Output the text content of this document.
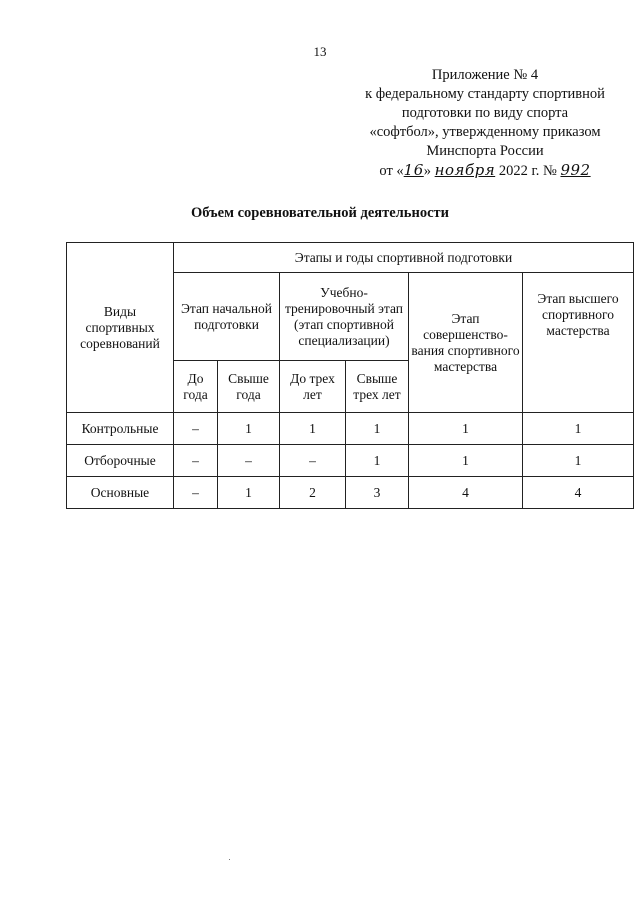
13
Приложение № 4
к федеральному стандарту спортивной
подготовки по виду спорта
«софтбол», утвержденному приказом
Минспорта России
от «16» ноября 2022 г. № 992
Объем соревновательной деятельности
Виды спортивных соревнований	Этапы и годы спортивной подготовки					
	Этап начальной подготовки		Учебно-тренировочный этап (этап спортивной специализации)		Этап совершенство-вания спортивного мастерства	Этап высшего спортивного мастерства
	До года	Свыше года	До трех лет	Свыше трех лет		
Контрольные	–	1	1	1	1	1
Отборочные	–	–	–	1	1	1
Основные	–	1	2	3	4	4
